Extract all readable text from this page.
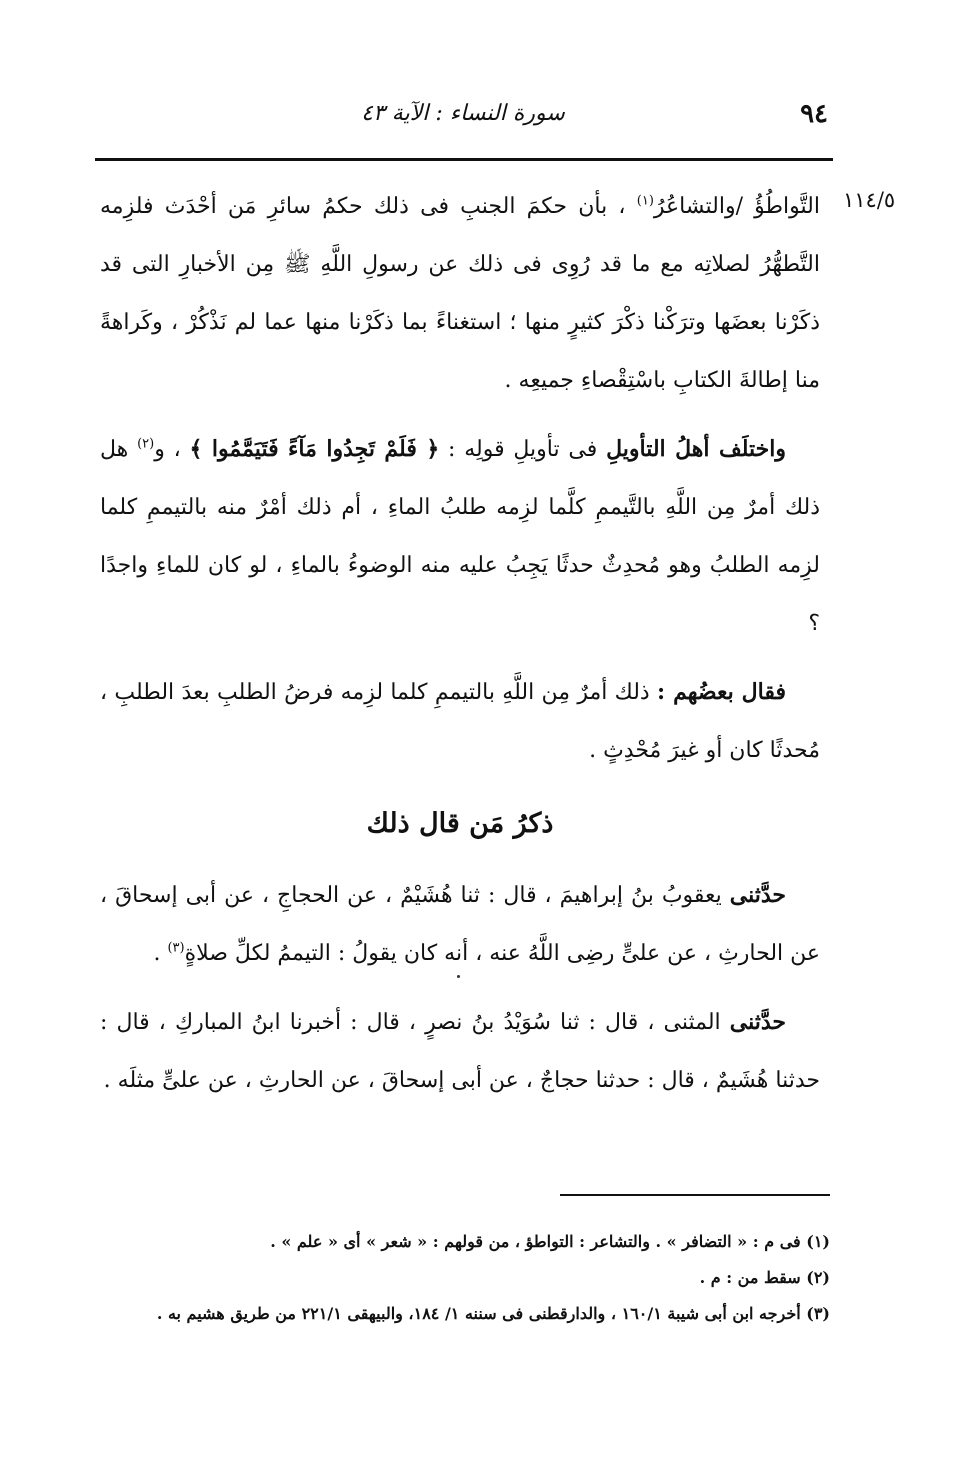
٩٤
سورة النساء : الآية ٤٣
١١٤/٥

التَّواطُؤُ /والتشاعُرُ$^{(١)}$ ، بأن حكمَ الجنبِ فى ذلك حكمُ سائرِ مَن أحْدَث فلزِمه التَّطهُّرُ لصلاتِه مع ما قد رُوِى فى ذلك عن رسولِ اللَّهِ ﷺ مِن الأخبارِ التى قد ذكَرْنا بعضَها وترَكْنا ذكْرَ كثيرٍ منها ؛ استغناءً بما ذكَرْنا منها عما لم نَذْكُرْ ، وكَراهةً منا إطالةَ الكتابِ باسْتِقْصاءِ جميعِه .

واختلَف أهلُ التأويلِ فى تأويلِ قولِه : ﴿ فَلَمْ تَجِدُوا مَآءً فَتَيَمَّمُوا ﴾ ، و$^{(٢)}$ هل ذلك أمرٌ مِن اللَّهِ بالتَّيممِ كلَّما لزِمه طلبُ الماءِ ، أم ذلك أمْرٌ منه بالتيممِ كلما لزِمه الطلبُ وهو مُحدِثٌ حدثًا يَجِبُ عليه منه الوضوءُ بالماءِ ، لو كان للماءِ واجدًا ؟

فقال بعضُهم : ذلك أمرٌ مِن اللَّهِ بالتيممِ كلما لزِمه فرضُ الطلبِ بعدَ الطلبِ ، مُحدثًا كان أو غيرَ مُحْدِثٍ .

ذكرُ مَن قال ذلك

حدَّثنى يعقوبُ بنُ إبراهيمَ ، قال : ثنا هُشَيْمٌ ، عن الحجاجِ ، عن أبى إسحاقَ ، عن الحارثِ ، عن علىٍّ رضِى اللَّهُ عنه ، أنه كان يقولُ : التيممُ لكلِّ صلاةٍ$^{(٣)}$ .

حدَّثنى المثنى ، قال : ثنا سُوَيْدُ بنُ نصرٍ ، قال : أخبرنا ابنُ المباركِ ، قال : حدثنا هُشَيمٌ ، قال : حدثنا حجاجٌ ، عن أبى إسحاقَ ، عن الحارثِ ، عن علىٍّ مثلَه .

(١) فى م : « التضافر » . والتشاعر : التواطؤ ، من قولهم : « شعر » أى « علم » .
(٢) سقط من : م .
(٣) أخرجه ابن أبى شيبة ١٦٠/١ ، والدارقطنى فى سننه ١/ ١٨٤، والبيهقى ٢٢١/١ من طريق هشيم به .
